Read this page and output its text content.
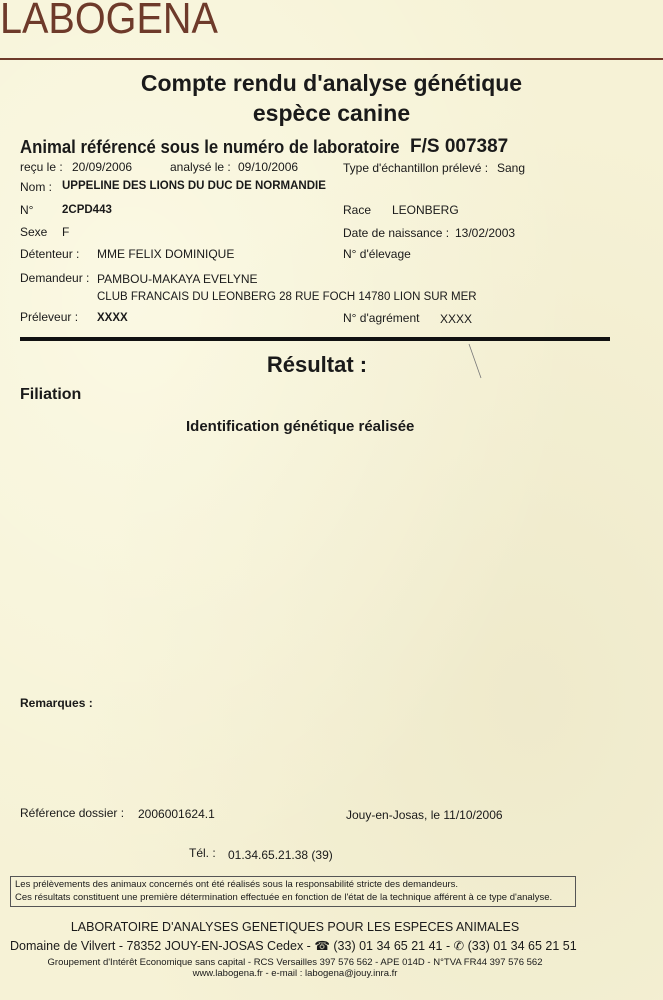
LABOGENA
Compte rendu d'analyse génétique
espèce canine
Animal référencé sous le numéro de laboratoire F/S 007387
reçu le : 20/09/2006	analysé le : 09/10/2006	Type d'échantillon prélevé : Sang
Nom : UPPELINE DES LIONS DU DUC DE NORMANDIE
N° 2CPD443	Race LEONBERG
Sexe F	Date de naissance : 13/02/2003
Détenteur : MME FELIX DOMINIQUE	N° d'élevage
Demandeur : PAMBOU-MAKAYA EVELYNE
CLUB FRANCAIS DU LEONBERG 28 RUE FOCH 14780 LION SUR MER
Préleveur : XXXX	N° d'agrément XXXX
Résultat :
Filiation
Identification génétique réalisée
Remarques :
Référence dossier : 2006001624.1	Jouy-en-Josas, le 11/10/2006
Tél. : 01.34.65.21.38 (39)
Les prélèvements des animaux concernés ont été réalisés sous la responsabilité stricte des demandeurs.
Ces résultats constituent une première détermination effectuée en fonction de l'état de la technique afférent à ce type d'analyse.
LABORATOIRE D'ANALYSES GENETIQUES POUR LES ESPECES ANIMALES
Domaine de Vilvert - 78352 JOUY-EN-JOSAS Cedex - ☎ (33) 01 34 65 21 41 - ✆ (33) 01 34 65 21 51
Groupement d'Intérêt Economique sans capital - RCS Versailles 397 576 562 - APE 014D - N°TVA FR44 397 576 562
www.labogena.fr - e-mail : labogena@jouy.inra.fr
